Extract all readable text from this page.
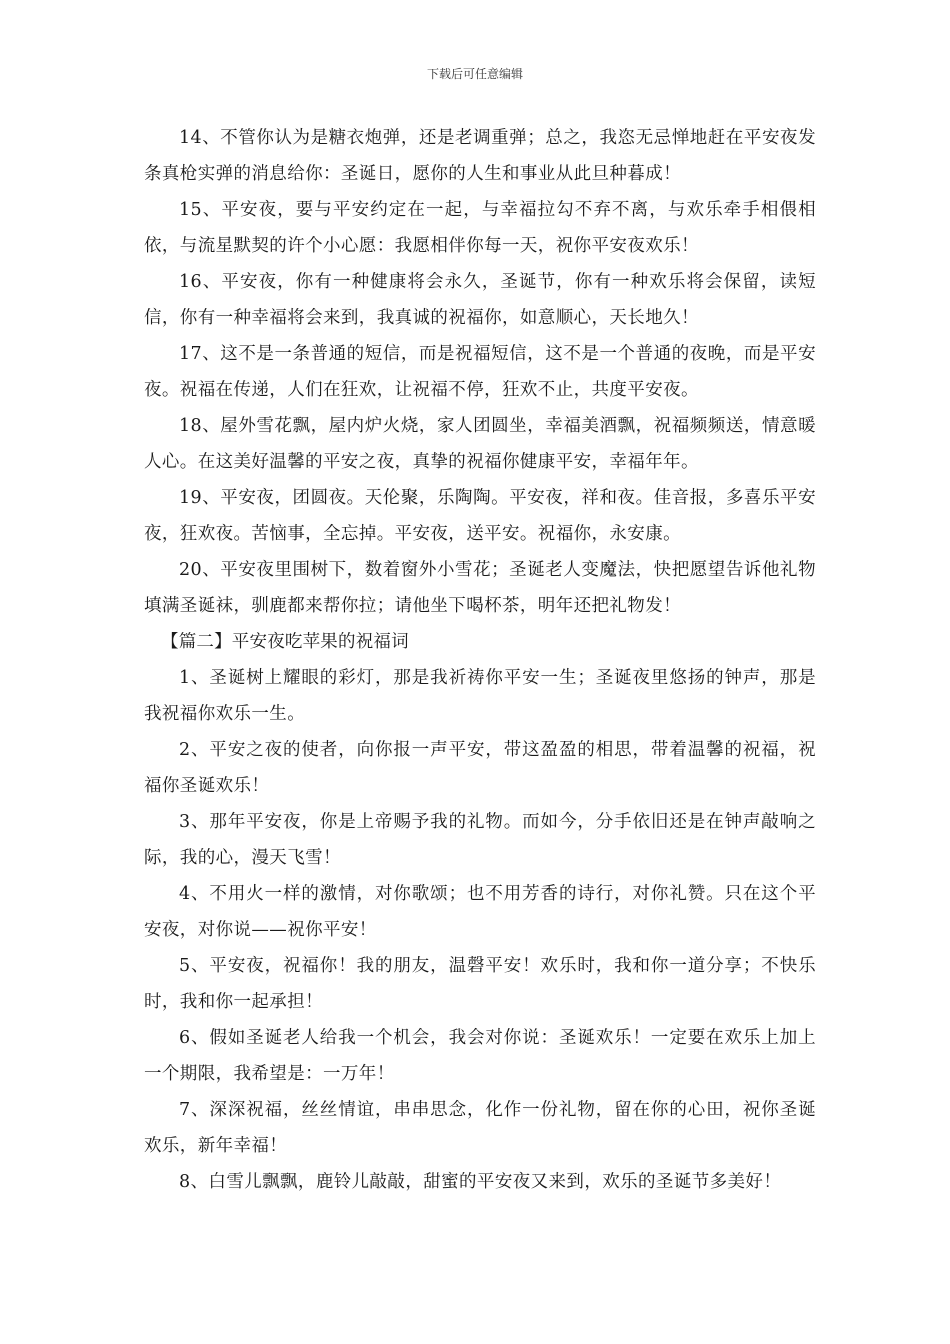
下载后可任意编辑

14、不管你认为是糖衣炮弹，还是老调重弹；总之，我恣无忌惮地赶在平安夜发条真枪实弹的消息给你：圣诞日，愿你的人生和事业从此旦种暮成！

15、平安夜，要与平安约定在一起，与幸福拉勾不弃不离，与欢乐牵手相偎相依，与流星默契的许个小心愿：我愿相伴你每一天，祝你平安夜欢乐！

16、平安夜，你有一种健康将会永久，圣诞节，你有一种欢乐将会保留，读短信，你有一种幸福将会来到，我真诚的祝福你，如意顺心，天长地久！

17、这不是一条普通的短信，而是祝福短信，这不是一个普通的夜晚，而是平安夜。祝福在传递，人们在狂欢，让祝福不停，狂欢不止，共度平安夜。

18、屋外雪花飘，屋内炉火烧，家人团圆坐，幸福美酒飘，祝福频频送，情意暖人心。在这美好温馨的平安之夜，真挚的祝福你健康平安，幸福年年。

19、平安夜，团圆夜。天伦聚，乐陶陶。平安夜，祥和夜。佳音报，多喜乐平安夜，狂欢夜。苦恼事，全忘掉。平安夜，送平安。祝福你，永安康。

20、平安夜里围树下，数着窗外小雪花；圣诞老人变魔法，快把愿望告诉他礼物填满圣诞袜，驯鹿都来帮你拉；请他坐下喝杯茶，明年还把礼物发！

【篇二】平安夜吃苹果的祝福词

1、圣诞树上耀眼的彩灯，那是我祈祷你平安一生；圣诞夜里悠扬的钟声，那是我祝福你欢乐一生。

2、平安之夜的使者，向你报一声平安，带这盈盈的相思，带着温馨的祝福，祝福你圣诞欢乐！

3、那年平安夜，你是上帝赐予我的礼物。而如今，分手依旧还是在钟声敲响之际，我的心，漫天飞雪！

4、不用火一样的激情，对你歌颂；也不用芳香的诗行，对你礼赞。只在这个平安夜，对你说——祝你平安！

5、平安夜，祝福你！我的朋友，温磬平安！欢乐时，我和你一道分享；不快乐时，我和你一起承担！

6、假如圣诞老人给我一个机会，我会对你说：圣诞欢乐！一定要在欢乐上加上一个期限，我希望是：一万年！

7、深深祝福，丝丝情谊，串串思念，化作一份礼物，留在你的心田，祝你圣诞欢乐，新年幸福！

8、白雪儿飘飘，鹿铃儿敲敲，甜蜜的平安夜又来到，欢乐的圣诞节多美好！
